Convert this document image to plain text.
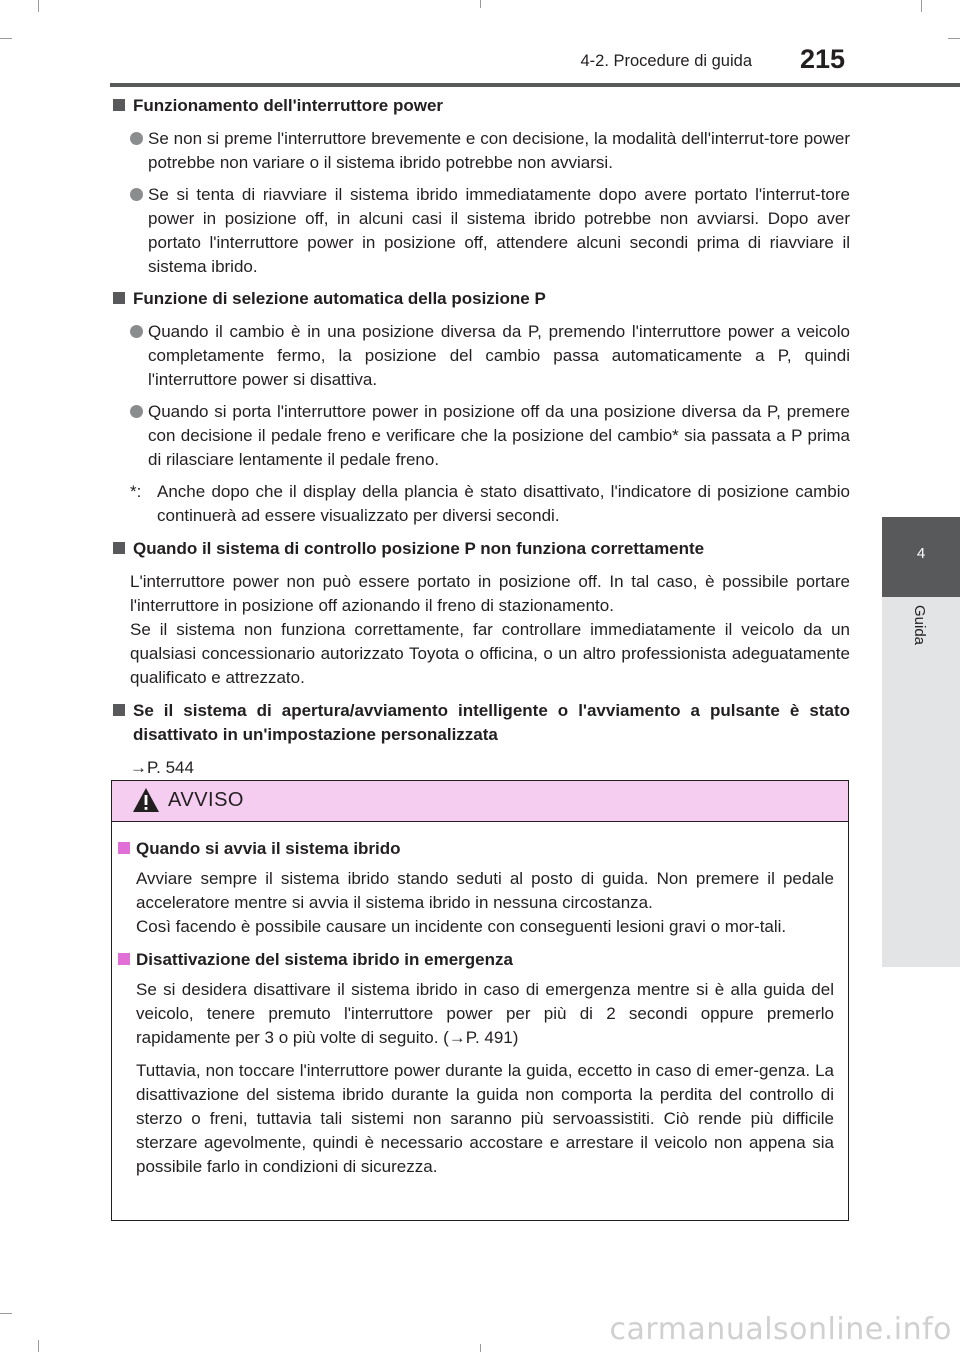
4-2. Procedure di guida 215
4
Guida
Funzionamento dell'interruttore power
Se non si preme l'interruttore brevemente e con decisione, la modalità dell'interrut-tore power potrebbe non variare o il sistema ibrido potrebbe non avviarsi.
Se si tenta di riavviare il sistema ibrido immediatamente dopo avere portato l'interrut-tore power in posizione off, in alcuni casi il sistema ibrido potrebbe non avviarsi. Dopo aver portato l'interruttore power in posizione off, attendere alcuni secondi prima di riavviare il sistema ibrido.
Funzione di selezione automatica della posizione P
Quando il cambio è in una posizione diversa da P, premendo l'interruttore power a veicolo completamente fermo, la posizione del cambio passa automaticamente a P, quindi l'interruttore power si disattiva.
Quando si porta l'interruttore power in posizione off da una posizione diversa da P, premere con decisione il pedale freno e verificare che la posizione del cambio* sia passata a P prima di rilasciare lentamente il pedale freno.
*: Anche dopo che il display della plancia è stato disattivato, l'indicatore di posizione cambio continuerà ad essere visualizzato per diversi secondi.
Quando il sistema di controllo posizione P non funziona correttamente
L'interruttore power non può essere portato in posizione off. In tal caso, è possibile portare l'interruttore in posizione off azionando il freno di stazionamento.
Se il sistema non funziona correttamente, far controllare immediatamente il veicolo da un qualsiasi concessionario autorizzato Toyota o officina, o un altro professionista adeguatamente qualificato e attrezzato.
Se il sistema di apertura/avviamento intelligente o l'avviamento a pulsante è stato disattivato in un'impostazione personalizzata
→P. 544
AVVISO
Quando si avvia il sistema ibrido
Avviare sempre il sistema ibrido stando seduti al posto di guida. Non premere il pedale acceleratore mentre si avvia il sistema ibrido in nessuna circostanza.
Così facendo è possibile causare un incidente con conseguenti lesioni gravi o mor-tali.
Disattivazione del sistema ibrido in emergenza
Se si desidera disattivare il sistema ibrido in caso di emergenza mentre si è alla guida del veicolo, tenere premuto l'interruttore power per più di 2 secondi oppure premerlo rapidamente per 3 o più volte di seguito. (→P. 491)
Tuttavia, non toccare l'interruttore power durante la guida, eccetto in caso di emer-genza. La disattivazione del sistema ibrido durante la guida non comporta la perdita del controllo di sterzo o freni, tuttavia tali sistemi non saranno più servoassistiti. Ciò rende più difficile sterzare agevolmente, quindi è necessario accostare e arrestare il veicolo non appena sia possibile farlo in condizioni di sicurezza.
carmanualsonline.info
